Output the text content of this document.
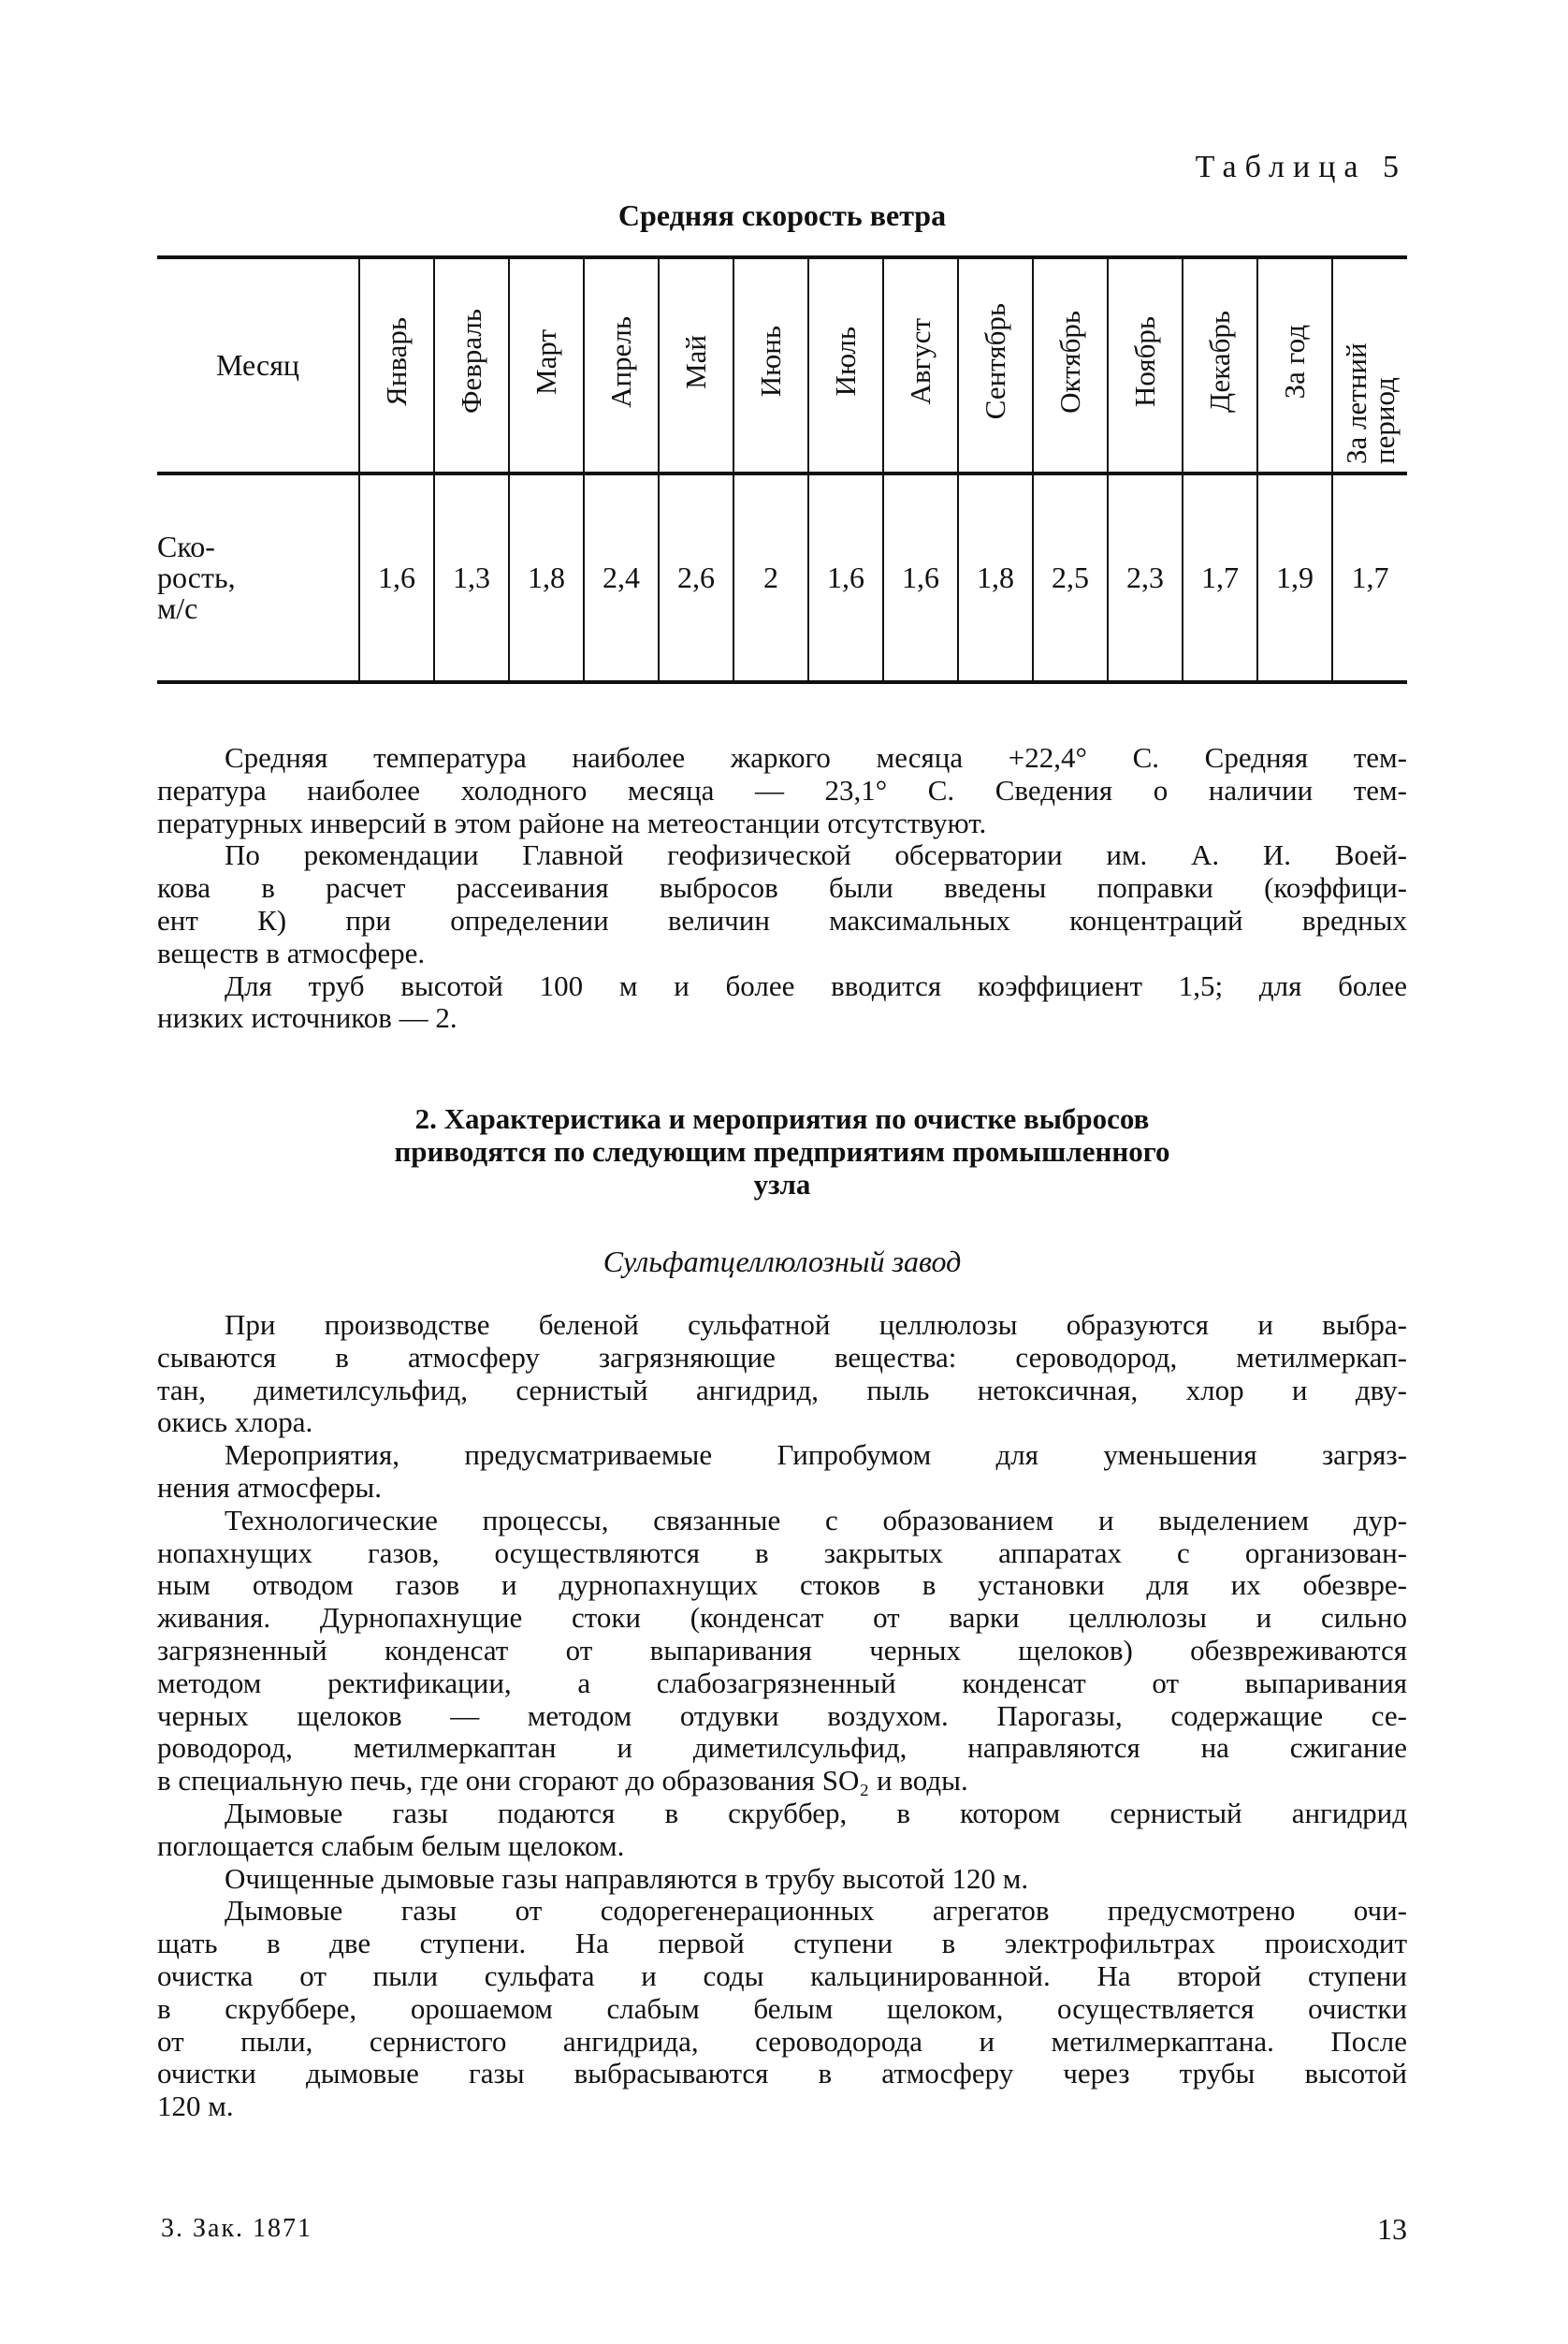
Таблица 5
Средняя скорость ветра
Месяц	Январь	Февраль	Март	Апрель	Май	Июнь	Июль	Август	Сентябрь	Октябрь	Ноябрь	Декабрь	За год	За летний период

Ско-
рость,
м/с	1,6	1,3	1,8	2,4	2,6	2	1,6	1,6	1,8	2,5	2,3	1,7	1,9	1,7
Средняя температура наиболее жаркого месяца +22,4° С. Средняя тем-
пература наиболее холодного месяца — 23,1° С. Сведения о наличии тем-
пературных инверсий в этом районе на метеостанции отсутствуют.
По рекомендации Главной геофизической обсерватории им. А. И. Воей-
кова в расчет рассеивания выбросов были введены поправки (коэффици-
ент К) при определении величин максимальных концентраций вредных
веществ в атмосфере.
Для труб высотой 100 м и более вводится коэффициент 1,5; для более
низких источников — 2.
2. Характеристика и мероприятия по очистке выбросов
приводятся по следующим предприятиям промышленного
узла
Сульфатцеллюлозный завод
При производстве беленой сульфатной целлюлозы образуются и выбра-
сываются в атмосферу загрязняющие вещества: сероводород, метилмеркап-
тан, диметилсульфид, сернистый ангидрид, пыль нетоксичная, хлор и дву-
окись хлора.
Мероприятия, предусматриваемые Гипробумом для уменьшения загряз-
нения атмосферы.
Технологические процессы, связанные с образованием и выделением дур-
нопахнущих газов, осуществляются в закрытых аппаратах с организован-
ным отводом газов и дурнопахнущих стоков в установки для их обезвре-
живания. Дурнопахнущие стоки (конденсат от варки целлюлозы и сильно
загрязненный конденсат от выпаривания черных щелоков) обезвреживаются
методом ректификации, а слабозагрязненный конденсат от выпаривания
черных щелоков — методом отдувки воздухом. Парогазы, содержащие се-
роводород, метилмеркаптан и диметилсульфид, направляются на сжигание
в специальную печь, где они сгорают до образования SO₂ и воды.
Дымовые газы подаются в скруббер, в котором сернистый ангидрид
поглощается слабым белым щелоком.
Очищенные дымовые газы направляются в трубу высотой 120 м.
Дымовые газы от содорегенерационных агрегатов предусмотрено очи-
щать в две ступени. На первой ступени в электрофильтрах происходит
очистка от пыли сульфата и соды кальцинированной. На второй ступени
в скруббере, орошаемом слабым белым щелоком, осуществляется очистки
от пыли, сернистого ангидрида, сероводорода и метилмеркаптана. После
очистки дымовые газы выбрасываются в атмосферу через трубы высотой
120 м.
3. Зак. 1871	13
